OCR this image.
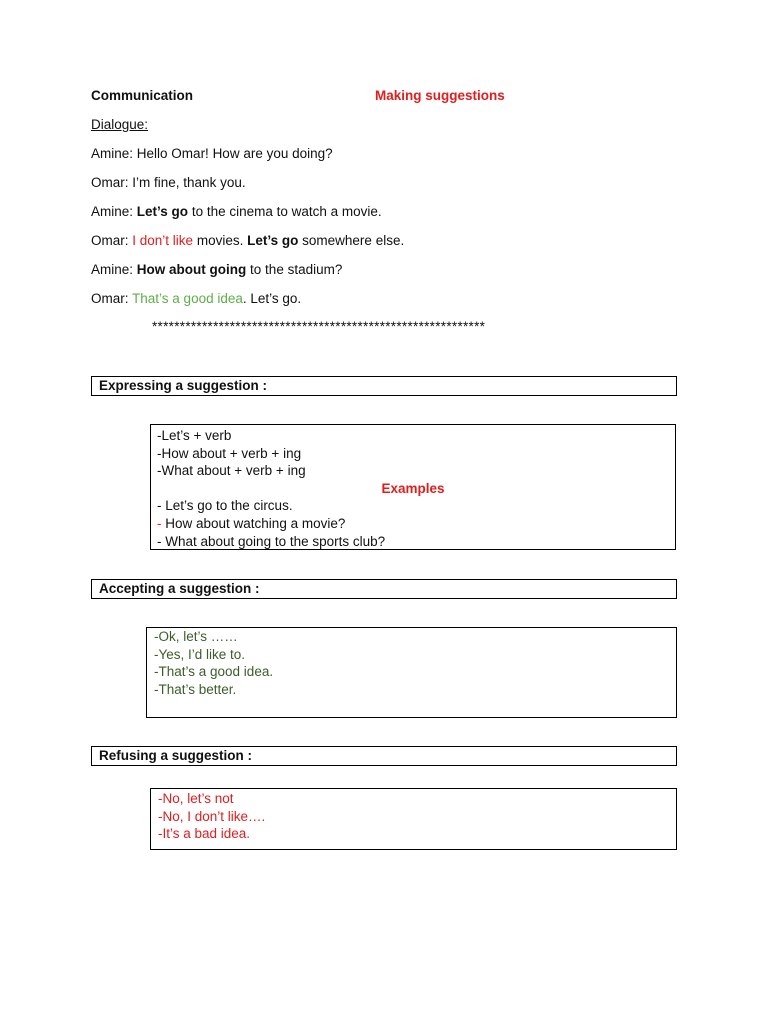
Communication	Making suggestions
Dialogue:
Amine: Hello Omar! How are you doing?
Omar: I’m fine, thank you.
Amine: Let’s go to the cinema to watch a movie.
Omar: I don’t like movies. Let’s go somewhere else.
Amine: How about going to the stadium?
Omar: That’s a good idea. Let’s go.
************************************************************
Expressing a suggestion :
-Let’s + verb
-How about + verb + ing
-What about + verb + ing
Examples
- Let’s go to the circus.
- How about watching a movie?
- What about going to the sports club?
Accepting a suggestion :
-Ok, let’s ……
-Yes, I’d like to.
-That’s a good idea.
-That’s better.
Refusing a suggestion :
-No, let’s not
-No, I don’t like….
-It’s a bad idea.
